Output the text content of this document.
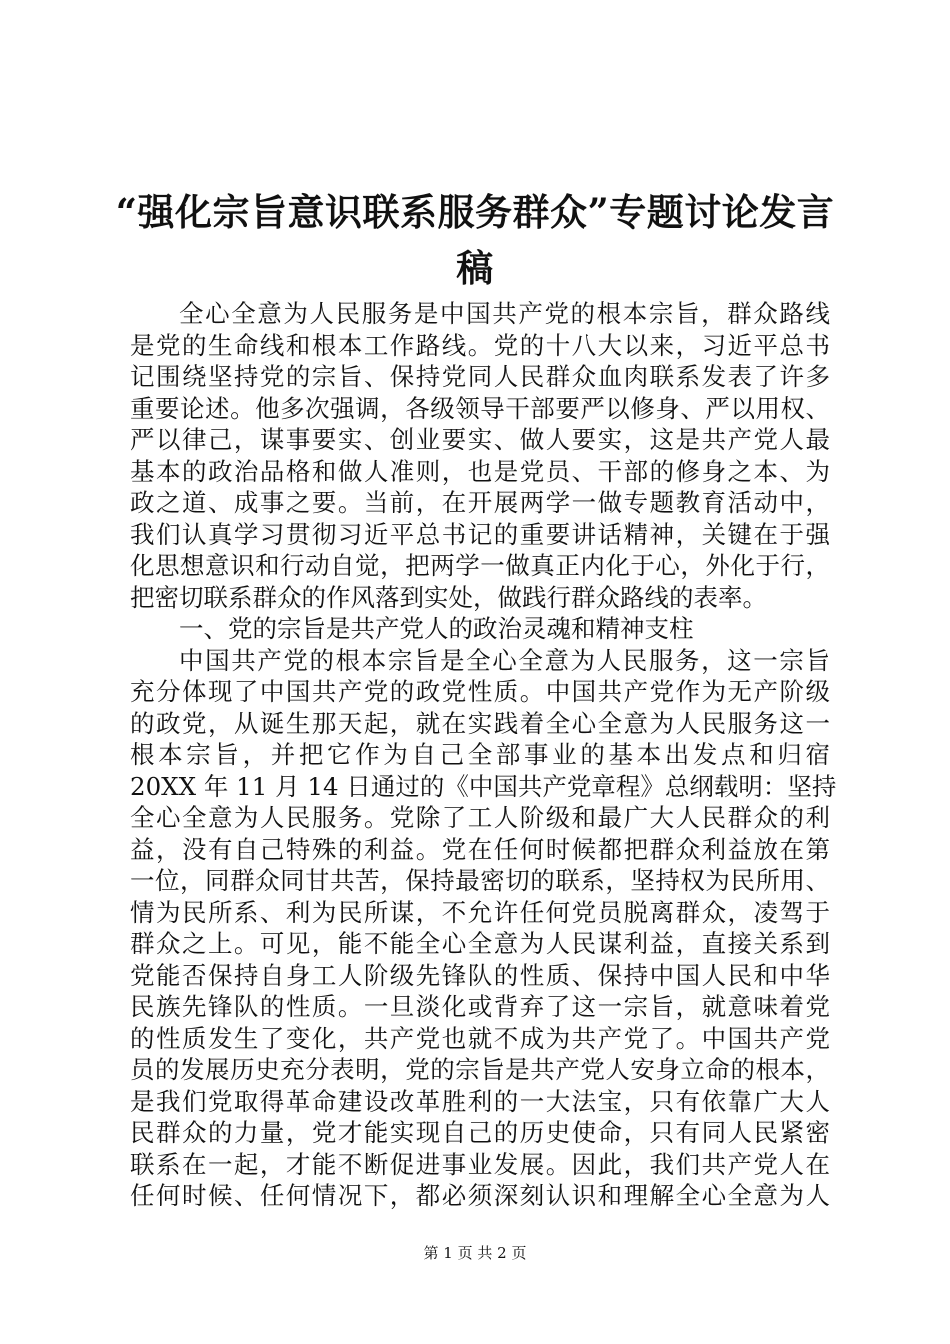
“强化宗旨意识联系服务群众”专题讨论发言
稿
全心全意为人民服务是中国共产党的根本宗旨，群众路线
是党的生命线和根本工作路线。党的十八大以来，习近平总书
记围绕坚持党的宗旨、保持党同人民群众血肉联系发表了许多
重要论述。他多次强调，各级领导干部要严以修身、严以用权、
严以律己，谋事要实、创业要实、做人要实，这是共产党人最
基本的政治品格和做人准则，也是党员、干部的修身之本、为
政之道、成事之要。当前，在开展两学一做专题教育活动中，
我们认真学习贯彻习近平总书记的重要讲话精神，关键在于强
化思想意识和行动自觉，把两学一做真正内化于心，外化于行，
把密切联系群众的作风落到实处，做践行群众路线的表率。
一、党的宗旨是共产党人的政治灵魂和精神支柱
中国共产党的根本宗旨是全心全意为人民服务，这一宗旨
充分体现了中国共产党的政党性质。中国共产党作为无产阶级
的政党，从诞生那天起，就在实践着全心全意为人民服务这一
根本宗旨，并把它作为自己全部事业的基本出发点和归宿
20XX 年 11 月 14 日通过的《中国共产党章程》总纲载明：坚持
全心全意为人民服务。党除了工人阶级和最广大人民群众的利
益，没有自己特殊的利益。党在任何时候都把群众利益放在第
一位，同群众同甘共苦，保持最密切的联系，坚持权为民所用、
情为民所系、利为民所谋，不允许任何党员脱离群众，凌驾于
群众之上。可见，能不能全心全意为人民谋利益，直接关系到
党能否保持自身工人阶级先锋队的性质、保持中国人民和中华
民族先锋队的性质。一旦淡化或背弃了这一宗旨，就意味着党
的性质发生了变化，共产党也就不成为共产党了。中国共产党
员的发展历史充分表明，党的宗旨是共产党人安身立命的根本，
是我们党取得革命建设改革胜利的一大法宝，只有依靠广大人
民群众的力量，党才能实现自己的历史使命，只有同人民紧密
联系在一起，才能不断促进事业发展。因此，我们共产党人在
任何时候、任何情况下，都必须深刻认识和理解全心全意为人
第 1 页 共 2 页
